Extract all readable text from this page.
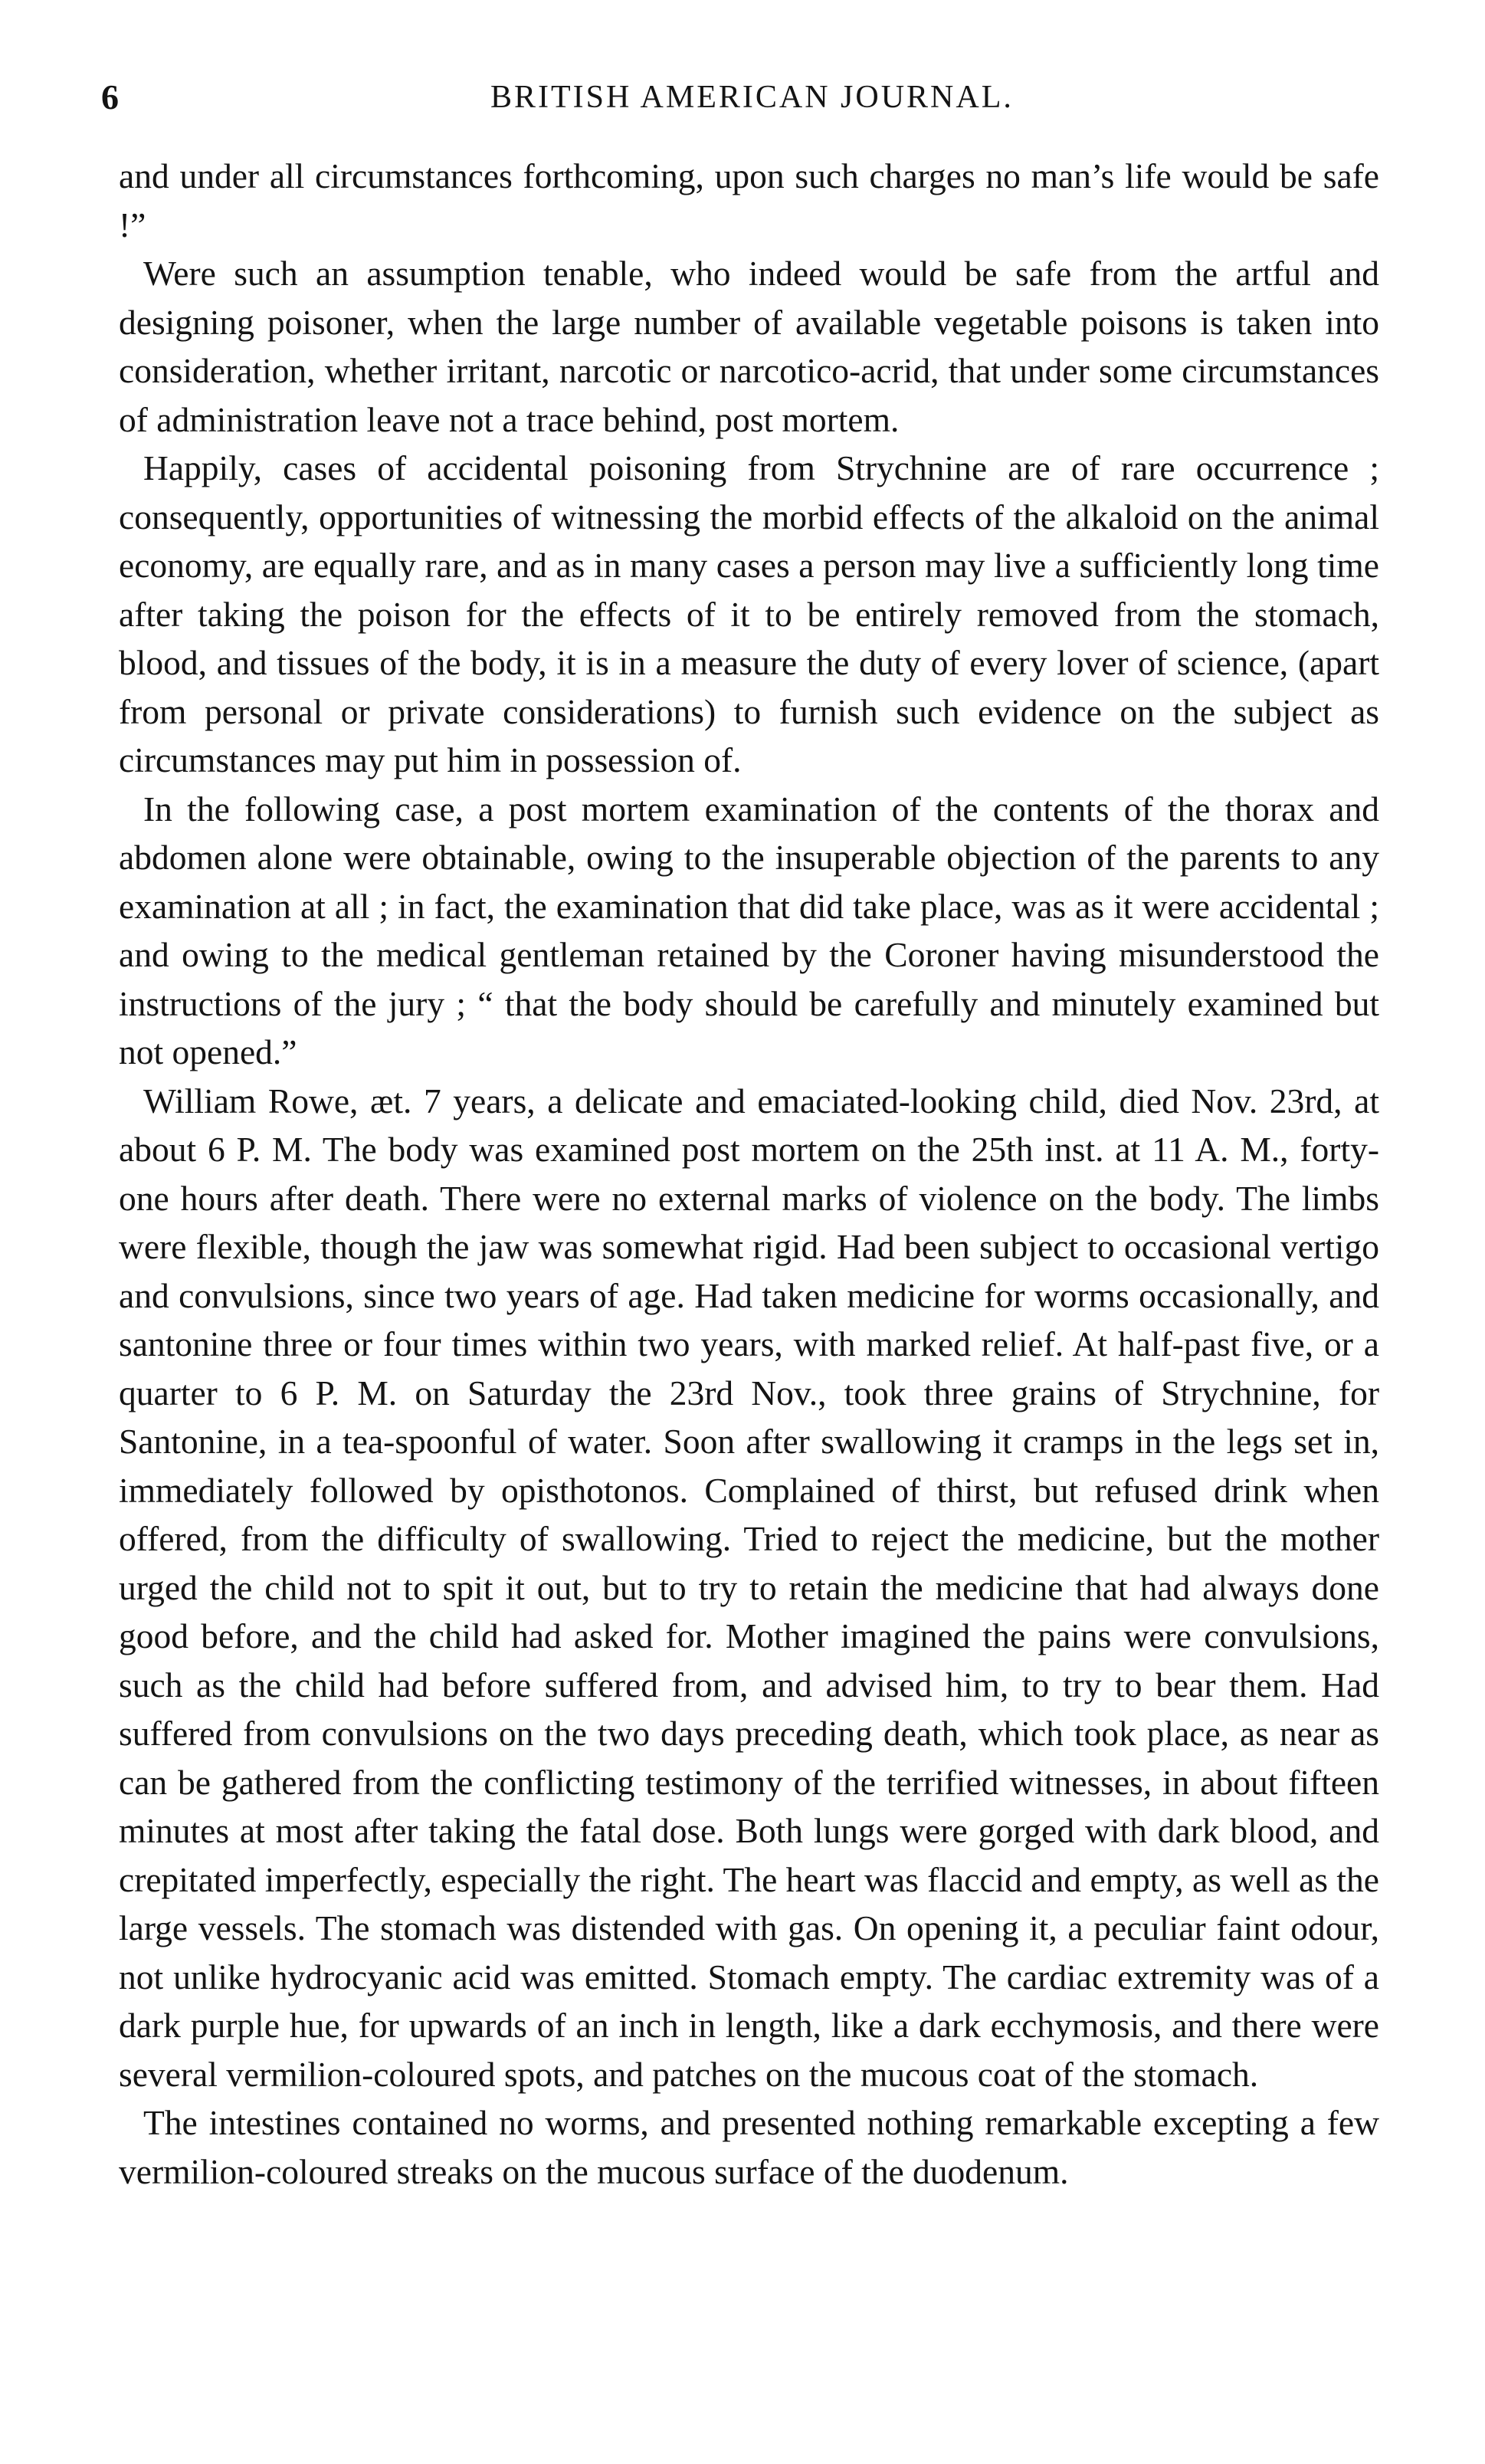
6	BRITISH AMERICAN JOURNAL.

and under all circumstances forthcoming, upon such charges no man’s life would be safe !”

Were such an assumption tenable, who indeed would be safe from the artful and designing poisoner, when the large number of available vegetable poisons is taken into consideration, whether irritant, narcotic or narcotico-acrid, that under some circumstances of administration leave not a trace behind, post mortem.

Happily, cases of accidental poisoning from Strychnine are of rare occurrence ; consequently, opportunities of witnessing the morbid effects of the alkaloid on the animal economy, are equally rare, and as in many cases a person may live a sufficiently long time after taking the poison for the effects of it to be entirely removed from the stomach, blood, and tissues of the body, it is in a measure the duty of every lover of science, (apart from personal or private considerations) to furnish such evidence on the subject as circumstances may put him in possession of.

In the following case, a post mortem examination of the contents of the thorax and abdomen alone were obtainable, owing to the insuperable objection of the parents to any examination at all ; in fact, the examination that did take place, was as it were accidental ; and owing to the medical gentleman retained by the Coroner having misunderstood the instructions of the jury ; “ that the body should be carefully and minutely examined but not opened.”

William Rowe, æt. 7 years, a delicate and emaciated-looking child, died Nov. 23rd, at about 6 P. M. The body was examined post mortem on the 25th inst. at 11 A. M., forty-one hours after death. There were no external marks of violence on the body. The limbs were flexible, though the jaw was somewhat rigid. Had been subject to occasional vertigo and convulsions, since two years of age. Had taken medicine for worms occasionally, and santonine three or four times within two years, with marked relief. At half-past five, or a quarter to 6 P. M. on Saturday the 23rd Nov., took three grains of Strychnine, for Santonine, in a tea-spoonful of water. Soon after swallowing it cramps in the legs set in, immediately followed by opisthotonos. Complained of thirst, but refused drink when offered, from the difficulty of swallowing. Tried to reject the medicine, but the mother urged the child not to spit it out, but to try to retain the medicine that had always done good before, and the child had asked for. Mother imagined the pains were convulsions, such as the child had before suffered from, and advised him, to try to bear them. Had suffered from convulsions on the two days preceding death, which took place, as near as can be gathered from the conflicting testimony of the terrified witnesses, in about fifteen minutes at most after taking the fatal dose. Both lungs were gorged with dark blood, and crepitated imperfectly, especially the right. The heart was flaccid and empty, as well as the large vessels. The stomach was distended with gas. On opening it, a peculiar faint odour, not unlike hydrocyanic acid was emitted. Stomach empty. The cardiac extremity was of a dark purple hue, for upwards of an inch in length, like a dark ecchymosis, and there were several vermilion-coloured spots, and patches on the mucous coat of the stomach.

The intestines contained no worms, and presented nothing remarkable excepting a few vermilion-coloured streaks on the mucous surface of the duodenum.
